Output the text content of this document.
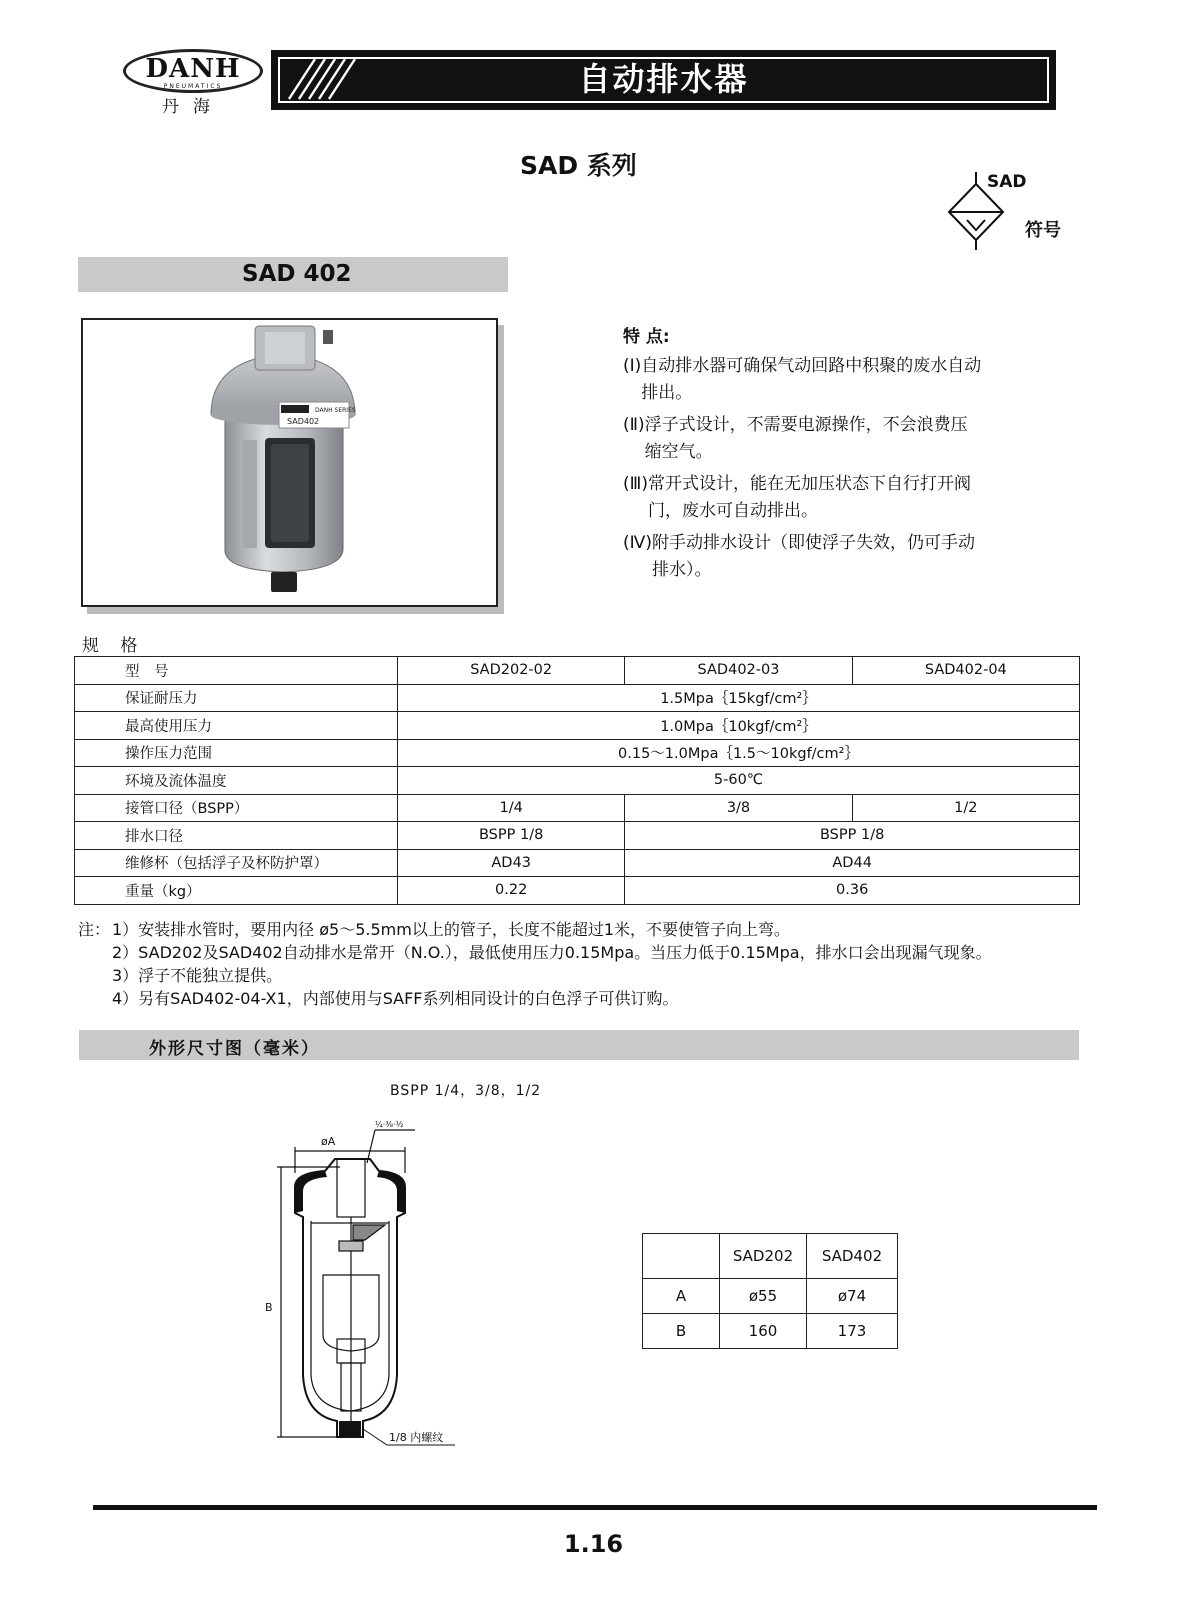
DANH
PNEUMATICS
丹海
自动排水器
SAD 系列
SAD
符号
SAD 402
DANH SERIES
SAD402
特 点:
(Ⅰ) 自动排水器可确保气动回路中积聚的废水自动排出。
(Ⅱ) 浮子式设计，不需要电源操作，不会浪费压缩空气。
(Ⅲ) 常开式设计，能在无加压状态下自行打开阀门，废水可自动排出。
(Ⅳ) 附手动排水设计（即使浮子失效，仍可手动排水）。
规 格
型　号	SAD202-02	SAD402-03	SAD402-04
保证耐压力	1.5Mpa｛15kgf/cm²｝		
最高使用压力	1.0Mpa｛10kgf/cm²｝		
操作压力范围	0.15～1.0Mpa｛1.5～10kgf/cm²｝		
环境及流体温度	5-60℃		
接管口径（BSPP）	1/4	3/8	1/2
排水口径	BSPP 1/8	BSPP 1/8	
维修杯（包括浮子及杯防护罩）	AD43	AD44	
重量（kg）	0.22	0.36	
注： 1）安装排水管时，要用内径 ø5～5.5mm以上的管子，长度不能超过1米，不要使管子向上弯。
2）SAD202及SAD402自动排水是常开（N.O.），最低使用压力0.15Mpa。当压力低于0.15Mpa，排水口会出现漏气现象。
3）浮子不能独立提供。
4）另有SAD402-04-X1，内部使用与SAFF系列相同设计的白色浮子可供订购。
外形尺寸图（毫米）
BSPP 1/4，3/8，1/2
øA
¼·⅜·½
B
1/8 内螺纹
	SAD202	SAD402
A	ø55	ø74
B	160	173
1.16
